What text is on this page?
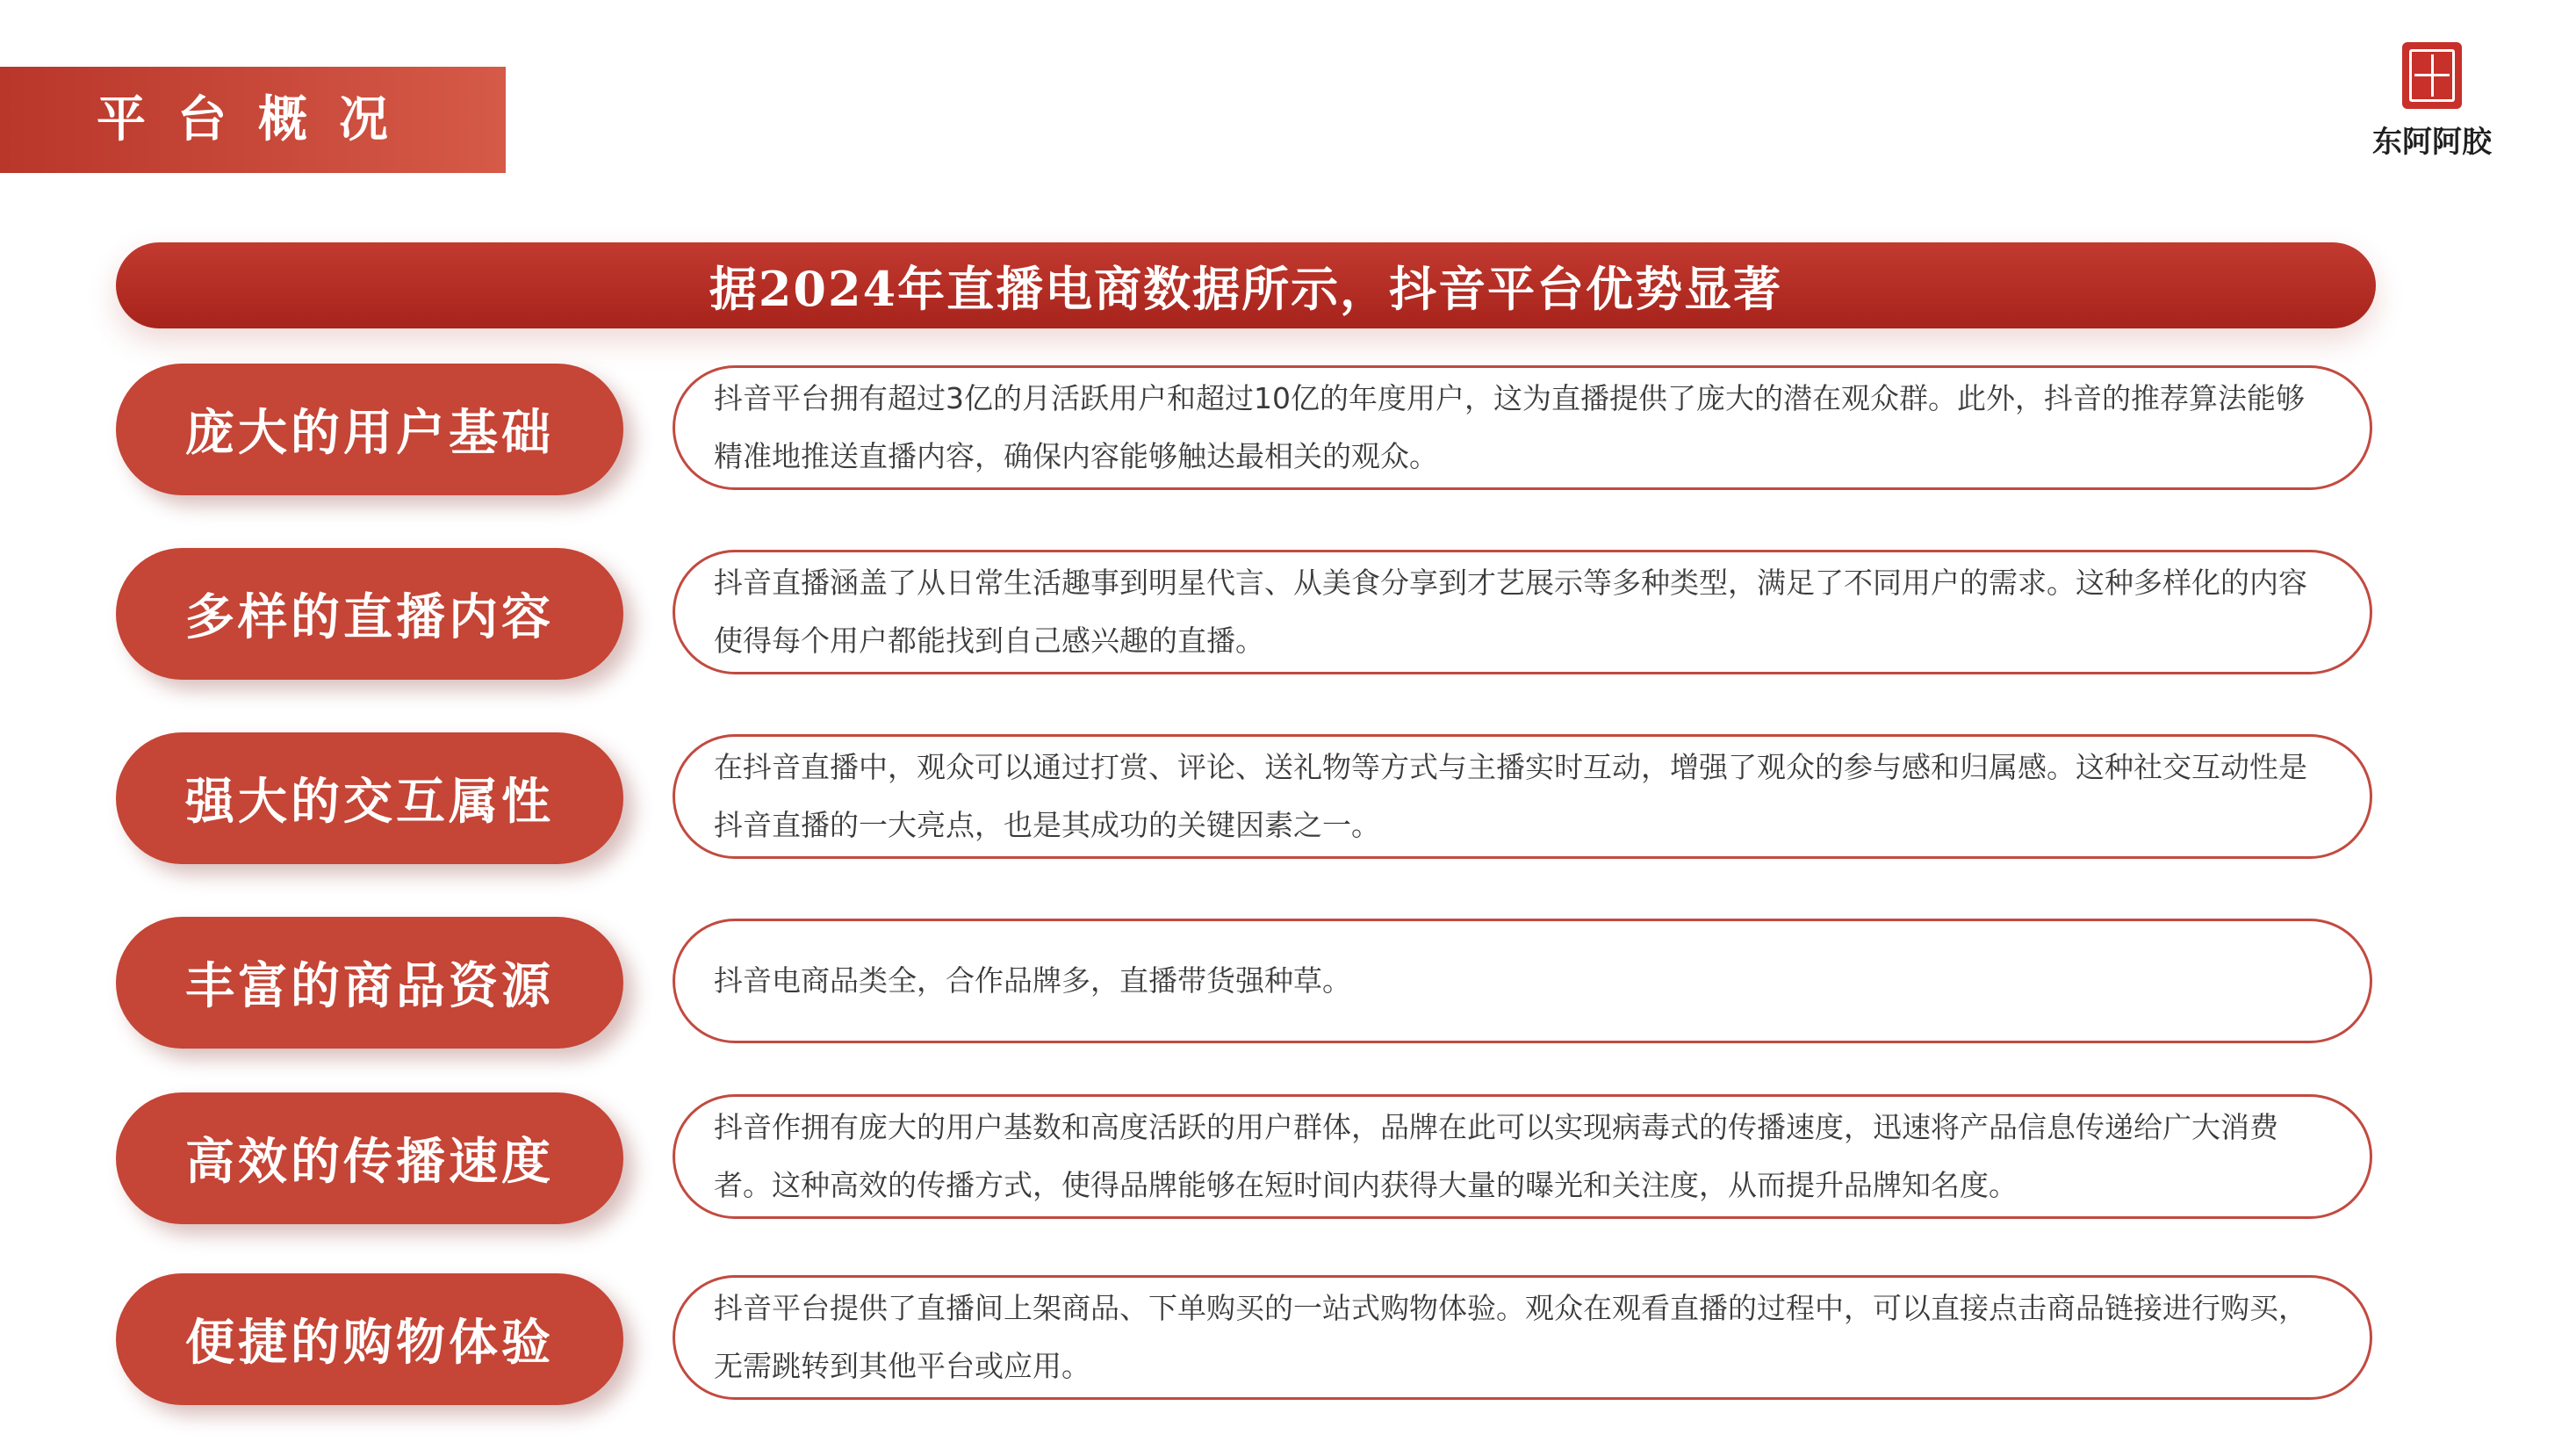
平台概况	东阿阿胶
据2024年直播电商数据所示，抖音平台优势显著
庞大的用户基础
抖音平台拥有超过3亿的月活跃用户和超过10亿的年度用户，这为直播提供了庞大的潜在观众群。此外，抖音的推荐算法能够精准地推送直播内容，确保内容能够触达最相关的观众。
多样的直播内容
抖音直播涵盖了从日常生活趣事到明星代言、从美食分享到才艺展示等多种类型，满足了不同用户的需求。这种多样化的内容使得每个用户都能找到自己感兴趣的直播。
强大的交互属性
在抖音直播中，观众可以通过打赏、评论、送礼物等方式与主播实时互动，增强了观众的参与感和归属感。这种社交互动性是抖音直播的一大亮点，也是其成功的关键因素之一。
丰富的商品资源	抖音电商品类全，合作品牌多，直播带货强种草。
高效的传播速度
抖音作拥有庞大的用户基数和高度活跃的用户群体，品牌在此可以实现病毒式的传播速度，迅速将产品信息传递给广大消费者。这种高效的传播方式，使得品牌能够在短时间内获得大量的曝光和关注度，从而提升品牌知名度。
便捷的购物体验
抖音平台提供了直播间上架商品、下单购买的一站式购物体验。观众在观看直播的过程中，可以直接点击商品链接进行购买，无需跳转到其他平台或应用。
